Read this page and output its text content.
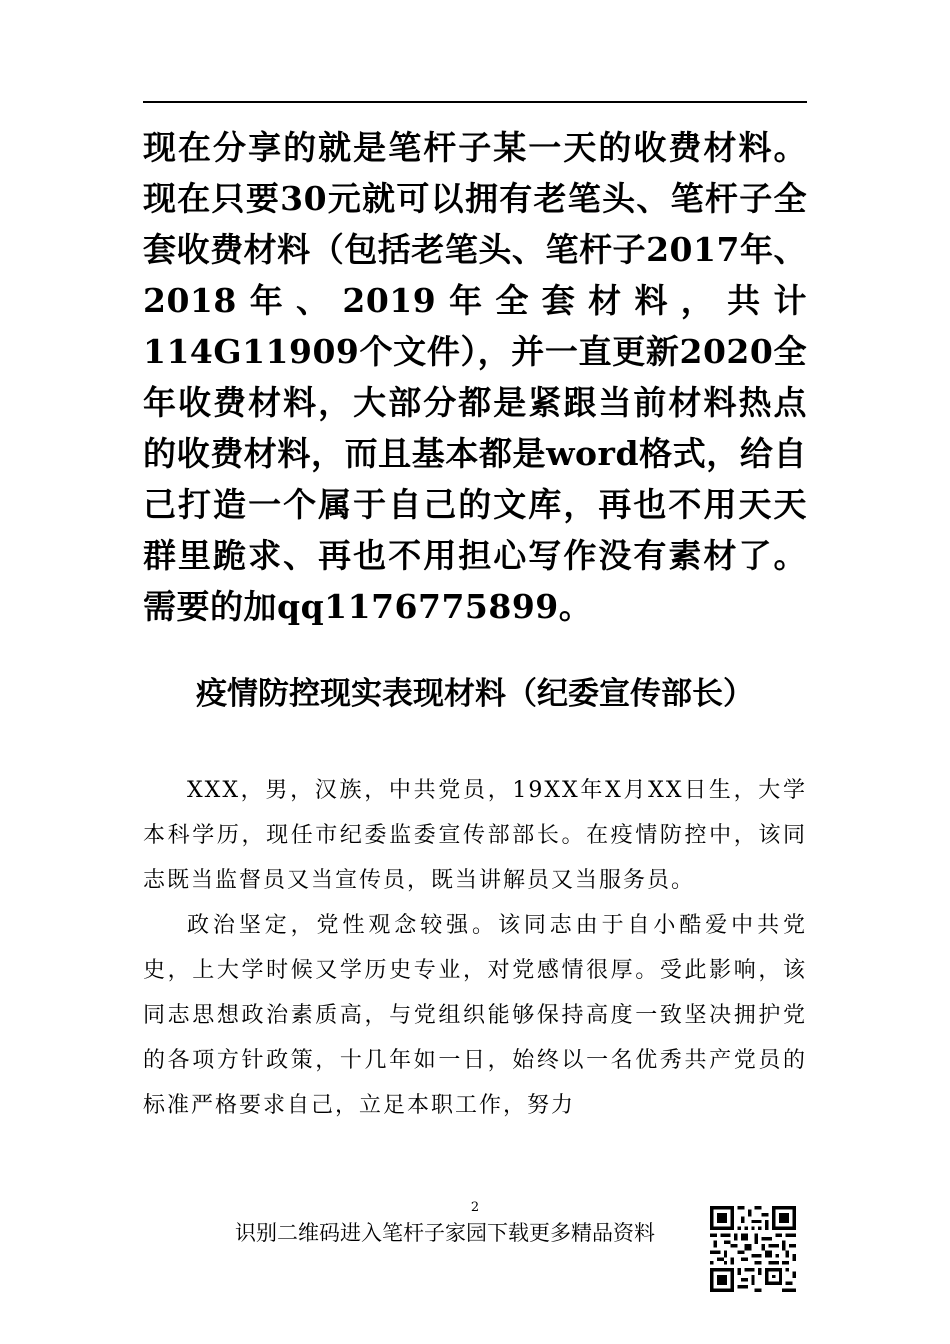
现在分享的就是笔杆子某一天的收费材料。现在只要30元就可以拥有老笔头、笔杆子全套收费材料（包括老笔头、笔杆子2017年、2018年、2019年全套材料，共计114G11909个文件），并一直更新2020全年收费材料，大部分都是紧跟当前材料热点的收费材料，而且基本都是word格式，给自己打造一个属于自己的文库，再也不用天天群里跪求、再也不用担心写作没有素材了。需要的加qq1176775899。
疫情防控现实表现材料（纪委宣传部长）

XXX，男，汉族，中共党员，19XX年X月XX日生，大学本科学历，现任市纪委监委宣传部部长。在疫情防控中，该同志既当监督员又当宣传员，既当讲解员又当服务员。

政治坚定，党性观念较强。该同志由于自小酷爱中共党史，上大学时候又学历史专业，对党感情很厚。受此影响，该同志思想政治素质高，与党组织能够保持高度一致坚决拥护党的各项方针政策，十几年如一日，始终以一名优秀共产党员的标准严格要求自己，立足本职工作，努力

2
识别二维码进入笔杆子家园下载更多精品资料
